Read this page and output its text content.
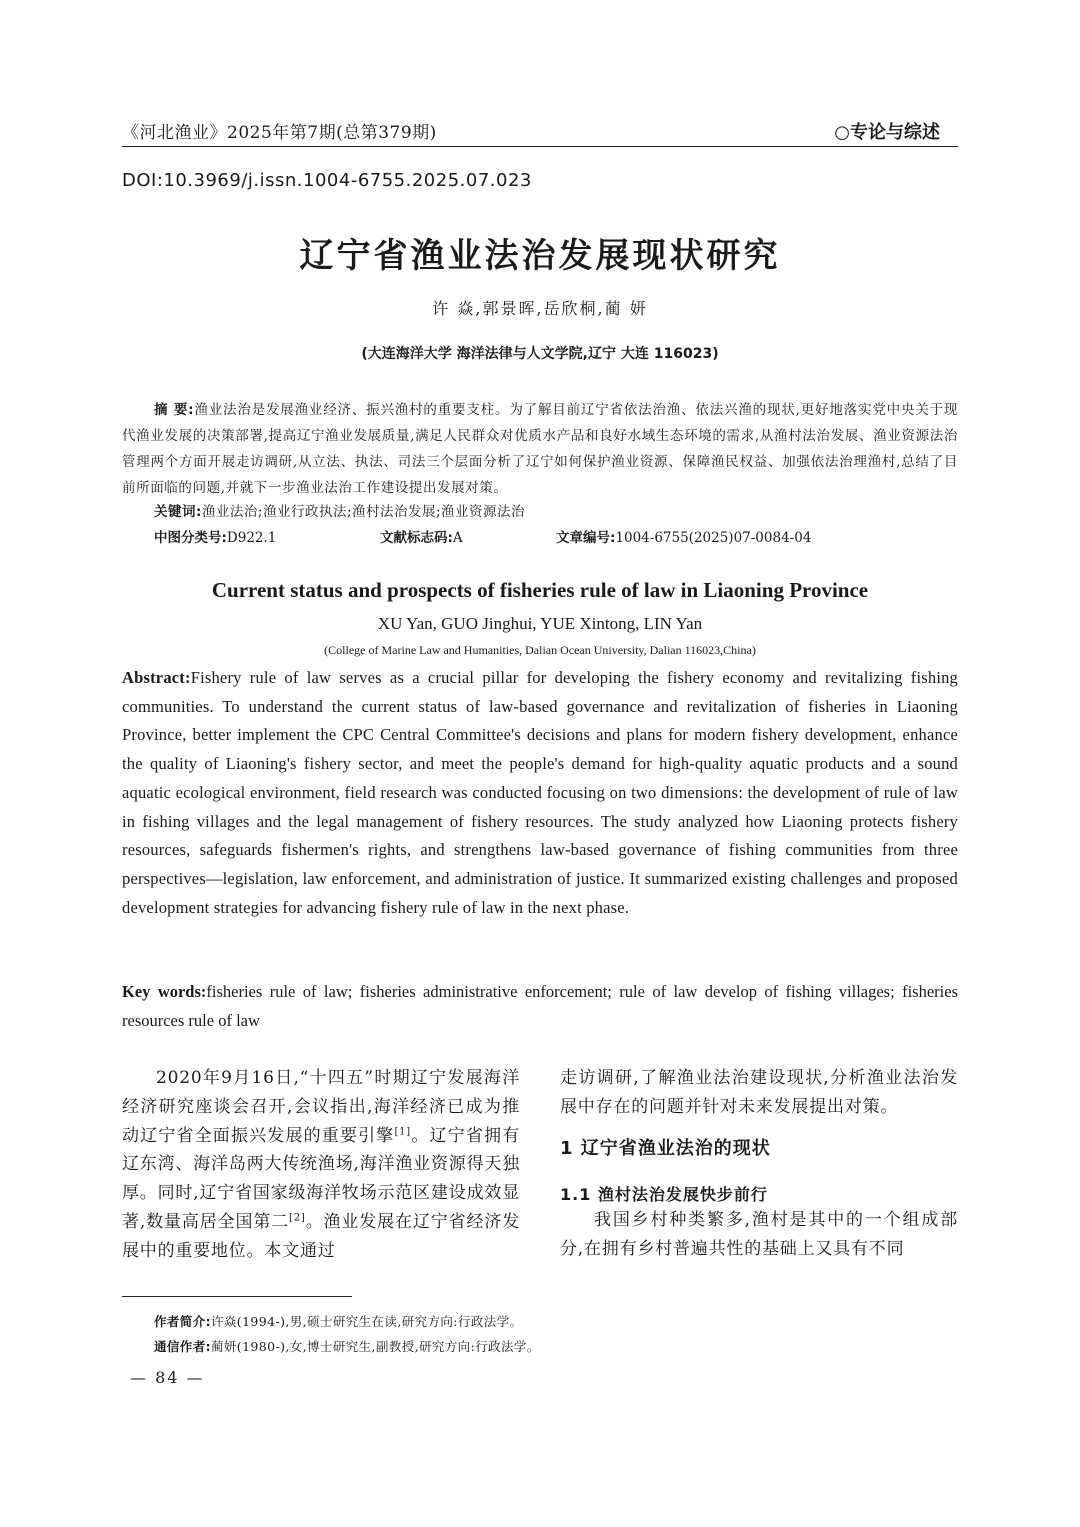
《河北渔业》2025年第7期(总第379期)	○专论与综述
DOI:10.3969/j.issn.1004-6755.2025.07.023
辽宁省渔业法治发展现状研究
许 焱,郭景晖,岳欣桐,蔺 妍
(大连海洋大学 海洋法律与人文学院,辽宁 大连 116023)
摘 要:渔业法治是发展渔业经济、振兴渔村的重要支柱。为了解目前辽宁省依法治渔、依法兴渔的现状,更好地落实党中央关于现代渔业发展的决策部署,提高辽宁渔业发展质量,满足人民群众对优质水产品和良好水域生态环境的需求,从渔村法治发展、渔业资源法治管理两个方面开展走访调研,从立法、执法、司法三个层面分析了辽宁如何保护渔业资源、保障渔民权益、加强依法治理渔村,总结了目前所面临的问题,并就下一步渔业法治工作建设提出发展对策。
关键词:渔业法治;渔业行政执法;渔村法治发展;渔业资源法治
中图分类号:D922.1	文献标志码:A	文章编号:1004-6755(2025)07-0084-04
Current status and prospects of fisheries rule of law in Liaoning Province
XU Yan, GUO Jinghui, YUE Xintong, LIN Yan
(College of Marine Law and Humanities, Dalian Ocean University, Dalian 116023,China)
Abstract:Fishery rule of law serves as a crucial pillar for developing the fishery economy and revitalizing fishing communities. To understand the current status of law-based governance and revitalization of fisheries in Liaoning Province, better implement the CPC Central Committee's decisions and plans for modern fishery development, enhance the quality of Liaoning's fishery sector, and meet the people's demand for high-quality aquatic products and a sound aquatic ecological environment, field research was conducted focusing on two dimensions: the development of rule of law in fishing villages and the legal management of fishery resources. The study analyzed how Liaoning protects fishery resources, safeguards fishermen's rights, and strengthens law-based governance of fishing communities from three perspectives—legislation, law enforcement, and administration of justice. It summarized existing challenges and proposed development strategies for advancing fishery rule of law in the next phase.
Key words:fisheries rule of law; fisheries administrative enforcement; rule of law develop of fishing villages; fisheries resources rule of law
2020年9月16日,“十四五”时期辽宁发展海洋经济研究座谈会召开,会议指出,海洋经济已成为推动辽宁省全面振兴发展的重要引擎[1]。辽宁省拥有辽东湾、海洋岛两大传统渔场,海洋渔业资源得天独厚。同时,辽宁省国家级海洋牧场示范区建设成效显著,数量高居全国第二[2]。渔业发展在辽宁省经济发展中的重要地位。本文通过
走访调研,了解渔业法治建设现状,分析渔业法治发展中存在的问题并针对未来发展提出对策。
1 辽宁省渔业法治的现状
1.1 渔村法治发展快步前行
我国乡村种类繁多,渔村是其中的一个组成部分,在拥有乡村普遍共性的基础上又具有不同
作者简介:许焱(1994-),男,硕士研究生在读,研究方向:行政法学。
通信作者:蔺妍(1980-),女,博士研究生,副教授,研究方向:行政法学。
— 84 —
